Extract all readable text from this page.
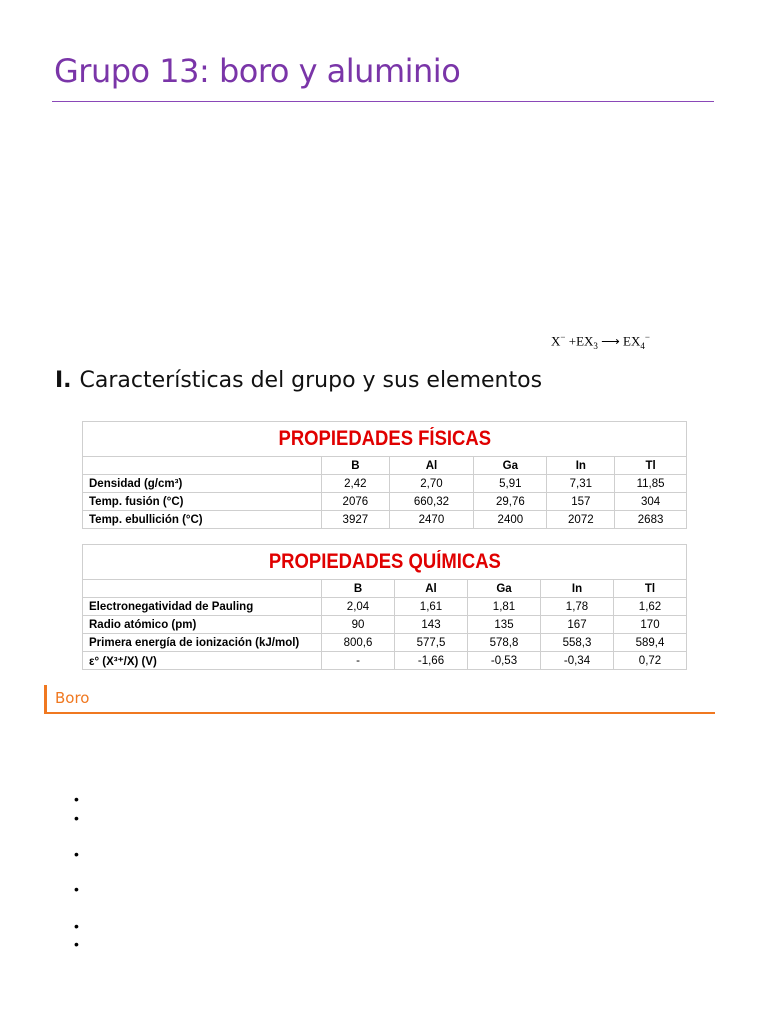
Grupo 13: boro y aluminio
$X^- +EX_3$ ⟶ $EX_4^-$
I. Características del grupo y sus elementos
PROPIEDADES FÍSICAS					
	B	Al	Ga	In	Tl
Densidad (g/cm³)	2,42	2,70	5,91	7,31	11,85
Temp. fusión (°C)	2076	660,32	29,76	157	304
Temp. ebullición (°C)	3927	2470	2400	2072	2683
PROPIEDADES QUÍMICAS					
	B	Al	Ga	In	Tl
Electronegatividad de Pauling	2,04	1,61	1,81	1,78	1,62
Radio atómico (pm)	90	143	135	167	170
Primera energía de ionización (kJ/mol)	800,6	577,5	578,8	558,3	589,4
ε° (X³⁺/X) (V)	-	-1,66	-0,53	-0,34	0,72
Boro
•
•
•
•
•
•
